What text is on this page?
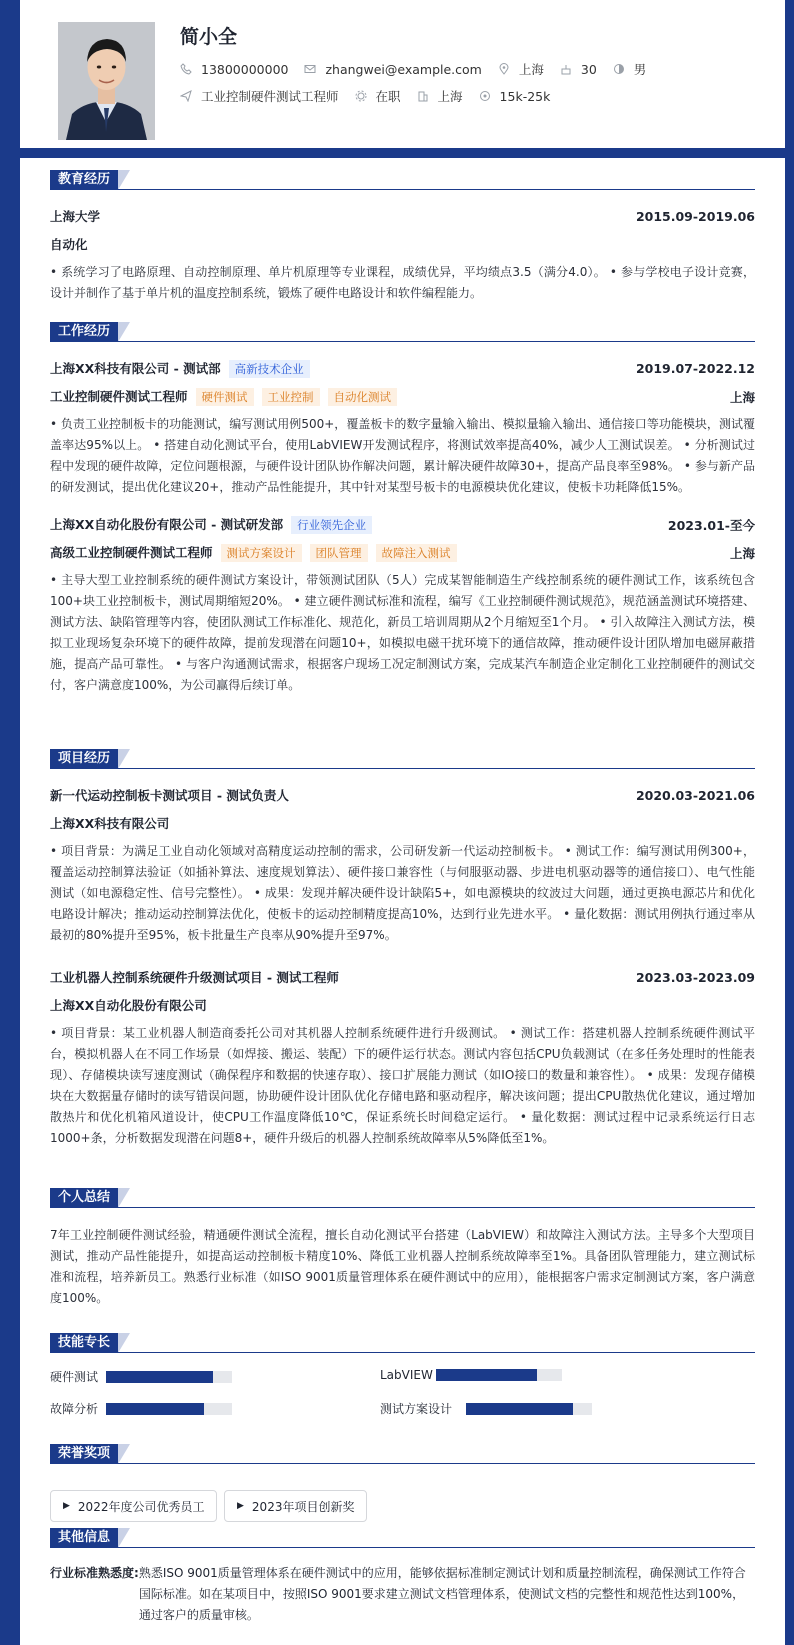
简小全
13800000000	zhangwei@example.com	上海	30	男
工业控制硬件测试工程师	在职	上海	15k-25k
教育经历
上海大学	2015.09-2019.06
自动化
• 系统学习了电路原理、自动控制原理、单片机原理等专业课程，成绩优异，平均绩点3.5（满分4.0）。 • 参与学校电子设计竞赛，设计并制作了基于单片机的温度控制系统，锻炼了硬件电路设计和软件编程能力。
工作经历
上海XX科技有限公司 - 测试部 高新技术企业	2019.07-2022.12
工业控制硬件测试工程师 硬件测试 工业控制 自动化测试	上海
• 负责工业控制板卡的功能测试，编写测试用例500+，覆盖板卡的数字量输入输出、模拟量输入输出、通信接口等功能模块，测试覆盖率达95%以上。 • 搭建自动化测试平台，使用LabVIEW开发测试程序，将测试效率提高40%，减少人工测试误差。 • 分析测试过程中发现的硬件故障，定位问题根源，与硬件设计团队协作解决问题，累计解决硬件故障30+，提高产品良率至98%。 • 参与新产品的研发测试，提出优化建议20+，推动产品性能提升，其中针对某型号板卡的电源模块优化建议，使板卡功耗降低15%。
上海XX自动化股份有限公司 - 测试研发部 行业领先企业	2023.01-至今
高级工业控制硬件测试工程师 测试方案设计 团队管理 故障注入测试	上海
• 主导大型工业控制系统的硬件测试方案设计，带领测试团队（5人）完成某智能制造生产线控制系统的硬件测试工作，该系统包含100+块工业控制板卡，测试周期缩短20%。 • 建立硬件测试标准和流程，编写《工业控制硬件测试规范》，规范涵盖测试环境搭建、测试方法、缺陷管理等内容，使团队测试工作标准化、规范化，新员工培训周期从2个月缩短至1个月。 • 引入故障注入测试方法，模拟工业现场复杂环境下的硬件故障，提前发现潜在问题10+，如模拟电磁干扰环境下的通信故障，推动硬件设计团队增加电磁屏蔽措施，提高产品可靠性。 • 与客户沟通测试需求，根据客户现场工况定制测试方案，完成某汽车制造企业定制化工业控制硬件的测试交付，客户满意度100%，为公司赢得后续订单。
项目经历
新一代运动控制板卡测试项目 - 测试负责人	2020.03-2021.06
上海XX科技有限公司
• 项目背景：为满足工业自动化领域对高精度运动控制的需求，公司研发新一代运动控制板卡。 • 测试工作：编写测试用例300+，覆盖运动控制算法验证（如插补算法、速度规划算法）、硬件接口兼容性（与伺服驱动器、步进电机驱动器等的通信接口）、电气性能测试（如电源稳定性、信号完整性）。 • 成果：发现并解决硬件设计缺陷5+，如电源模块的纹波过大问题，通过更换电源芯片和优化电路设计解决；推动运动控制算法优化，使板卡的运动控制精度提高10%，达到行业先进水平。 • 量化数据：测试用例执行通过率从最初的80%提升至95%，板卡批量生产良率从90%提升至97%。
工业机器人控制系统硬件升级测试项目 - 测试工程师	2023.03-2023.09
上海XX自动化股份有限公司
• 项目背景：某工业机器人制造商委托公司对其机器人控制系统硬件进行升级测试。 • 测试工作：搭建机器人控制系统硬件测试平台，模拟机器人在不同工作场景（如焊接、搬运、装配）下的硬件运行状态。测试内容包括CPU负载测试（在多任务处理时的性能表现）、存储模块读写速度测试（确保程序和数据的快速存取）、接口扩展能力测试（如IO接口的数量和兼容性）。 • 成果：发现存储模块在大数据量存储时的读写错误问题，协助硬件设计团队优化存储电路和驱动程序，解决该问题；提出CPU散热优化建议，通过增加散热片和优化机箱风道设计，使CPU工作温度降低10℃，保证系统长时间稳定运行。 • 量化数据：测试过程中记录系统运行日志1000+条，分析数据发现潜在问题8+，硬件升级后的机器人控制系统故障率从5%降低至1%。
个人总结
7年工业控制硬件测试经验，精通硬件测试全流程，擅长自动化测试平台搭建（LabVIEW）和故障注入测试方法。主导多个大型项目测试，推动产品性能提升，如提高运动控制板卡精度10%、降低工业机器人控制系统故障率至1%。具备团队管理能力，建立测试标准和流程，培养新员工。熟悉行业标准（如ISO 9001质量管理体系在硬件测试中的应用），能根据客户需求定制测试方案，客户满意度100%。
技能专长
硬件测试	LabVIEW
故障分析	测试方案设计
荣誉奖项
其他信息
行业标准熟悉度: 熟悉ISO 9001质量管理体系在硬件测试中的应用，能够依据标准制定测试计划和质量控制流程，确保测试工作符合国际标准。如在某项目中，按照ISO 9001要求建立测试文档管理体系，使测试文档的完整性和规范性达到100%，通过客户的质量审核。
▶ 2022年度公司优秀员工	▶ 2023年项目创新奖
